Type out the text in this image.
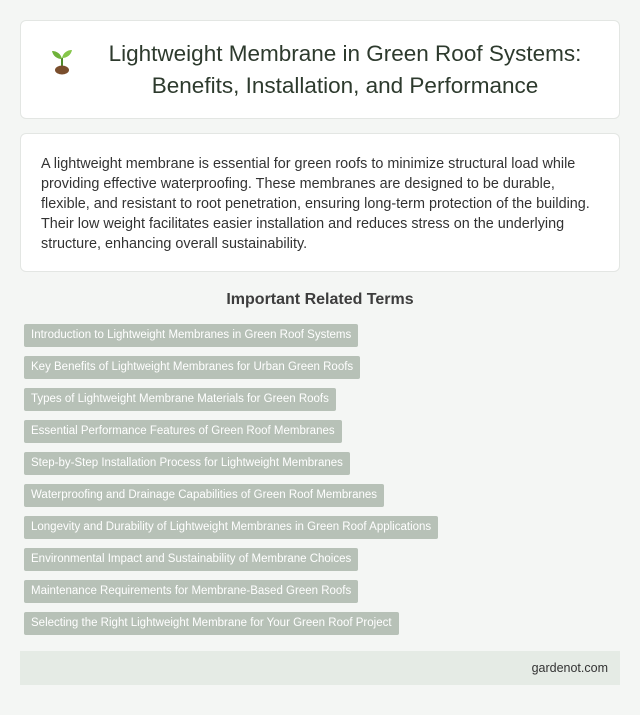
Lightweight Membrane in Green Roof Systems: Benefits, Installation, and Performance

A lightweight membrane is essential for green roofs to minimize structural load while providing effective waterproofing. These membranes are designed to be durable, flexible, and resistant to root penetration, ensuring long-term protection of the building. Their low weight facilitates easier installation and reduces stress on the underlying structure, enhancing overall sustainability.

Important Related Terms
Introduction to Lightweight Membranes in Green Roof Systems
Key Benefits of Lightweight Membranes for Urban Green Roofs
Types of Lightweight Membrane Materials for Green Roofs
Essential Performance Features of Green Roof Membranes
Step-by-Step Installation Process for Lightweight Membranes
Waterproofing and Drainage Capabilities of Green Roof Membranes
Longevity and Durability of Lightweight Membranes in Green Roof Applications
Environmental Impact and Sustainability of Membrane Choices
Maintenance Requirements for Membrane-Based Green Roofs
Selecting the Right Lightweight Membrane for Your Green Roof Project
gardenot.com
